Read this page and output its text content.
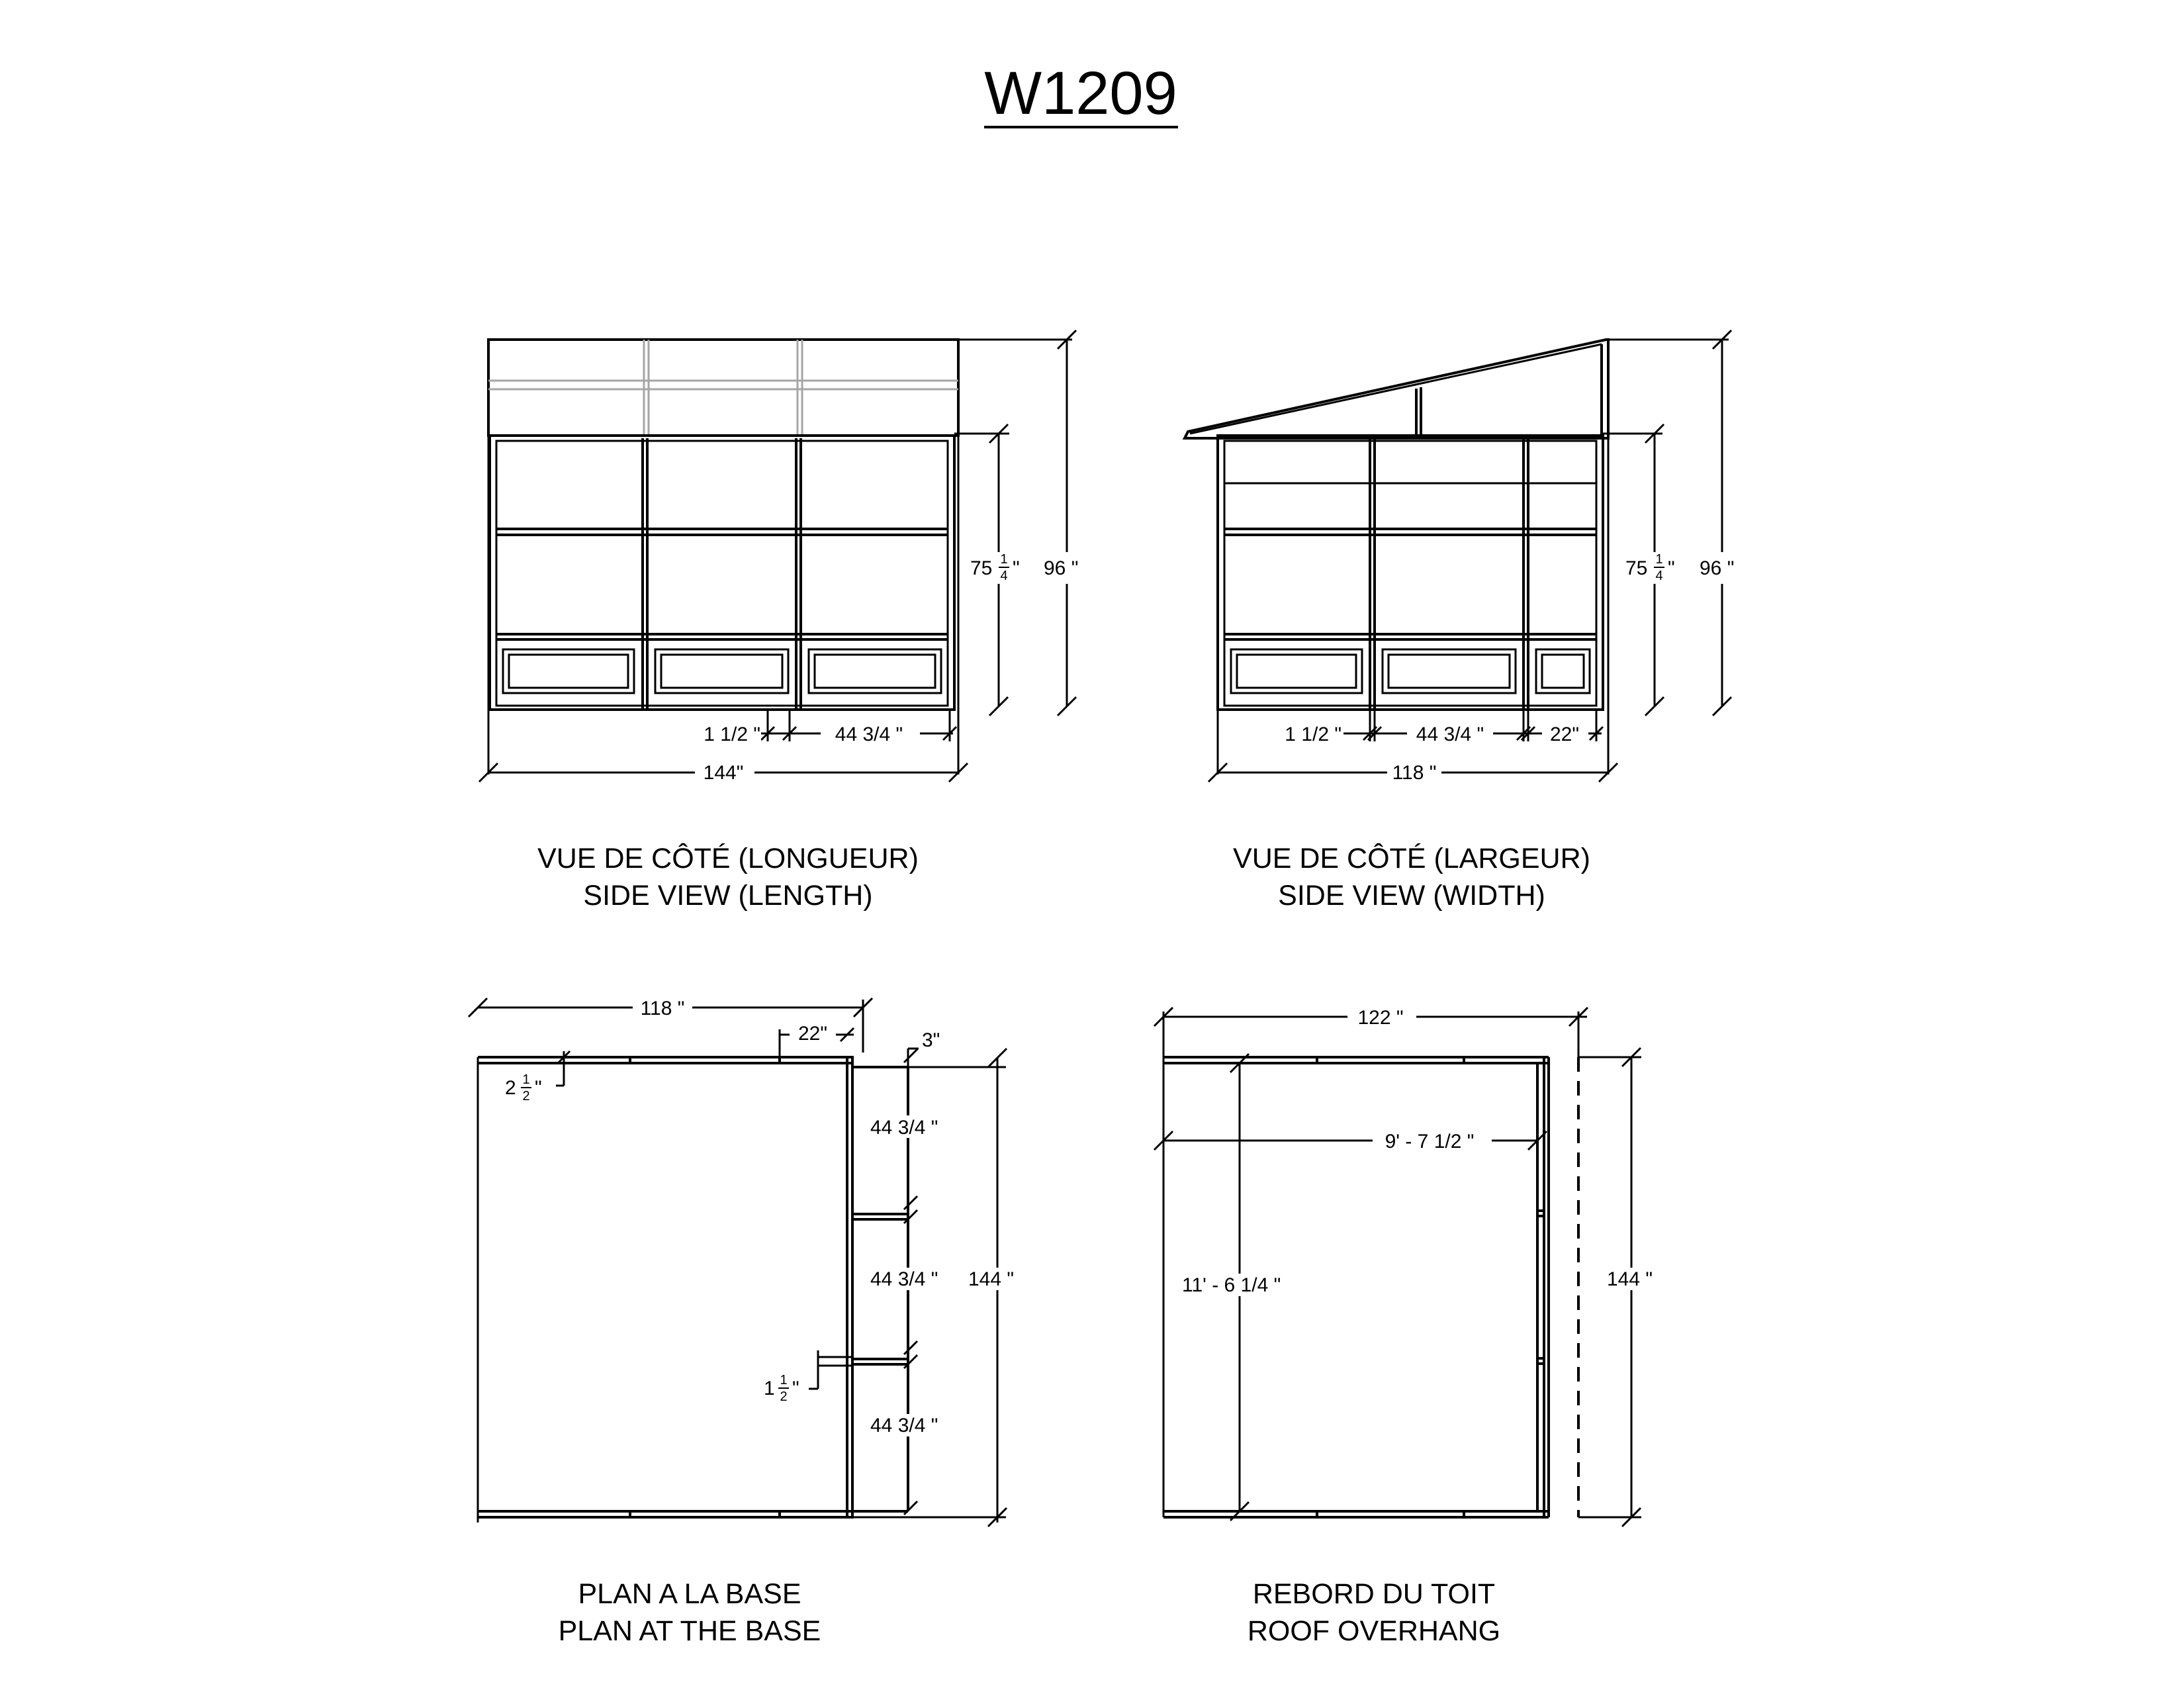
W1209
96 "
75 1
4 "
1 1/2 "	44 3/4 "
144"
VUE DE CÔTÉ (LONGUEUR)
SIDE VIEW (LENGTH)
96 "
75 1
4 "
1 1/2 "	44 3/4 "	22"
118 "
VUE DE CÔTÉ (LARGEUR)
SIDE VIEW (WIDTH)
118 "
22"	3"
2 1
2 "
44 3/4 "
44 3/4 "
44 3/4 "
144 "
1 1
2 "
PLAN A LA BASE
PLAN AT THE BASE
122 "
9' - 7 1/2 "
11' - 6 1/4 "	144 "
REBORD DU TOIT
ROOF OVERHANG
